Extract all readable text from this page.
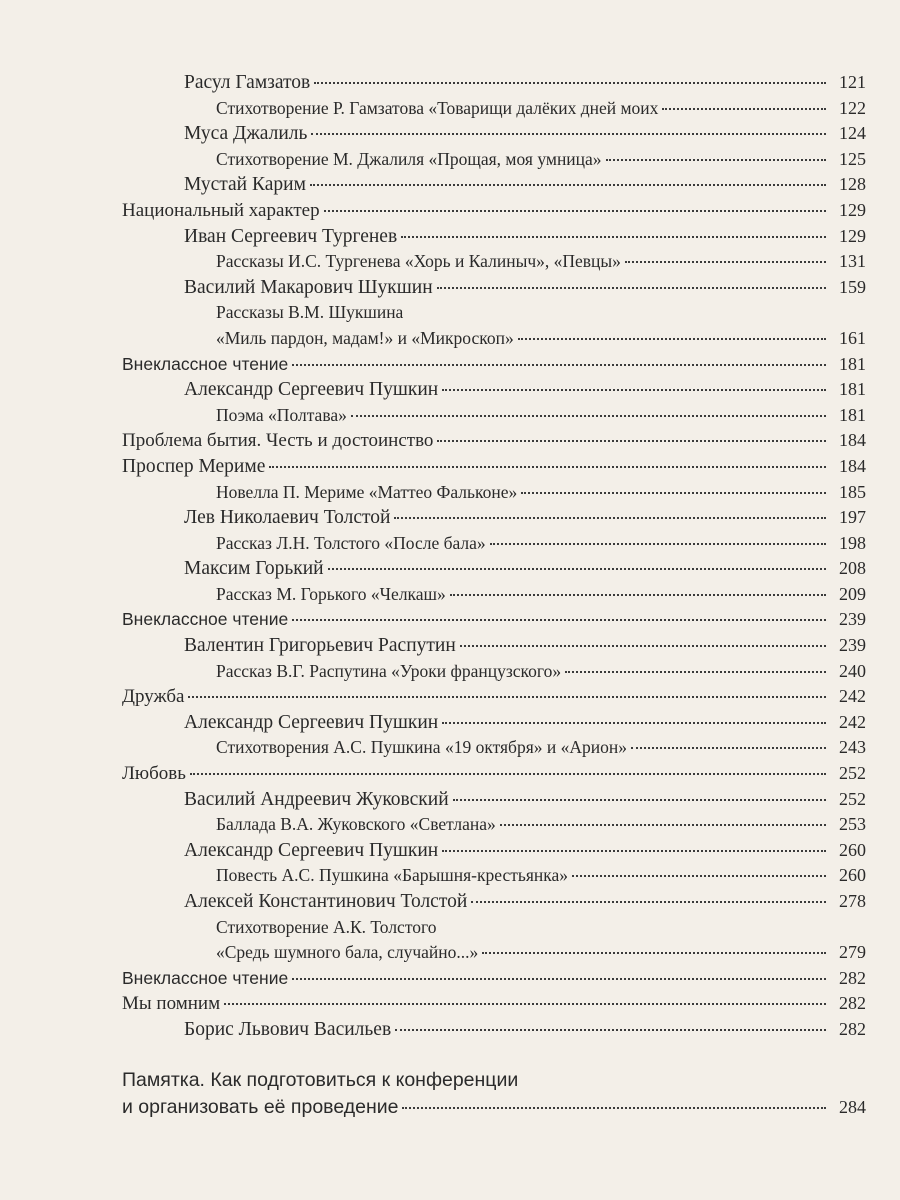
Расул Гамзатов	121
Стихотворение Р. Гамзатова «Товарищи далёких дней моих	122
Муса Джалиль	124
Стихотворение М. Джалиля «Прощая, моя умница»	125
Мустай Карим	128
Национальный характер	129
Иван Сергеевич Тургенев	129
Рассказы И.С. Тургенева «Хорь и Калиныч», «Певцы»	131
Василий Макарович Шукшин	159
Рассказы В.М. Шукшина
«Миль пардон, мадам!» и «Микроскоп»	161
Внеклассное чтение	181
Александр Сергеевич Пушкин	181
Поэма «Полтава»	181
Проблема бытия. Честь и достоинство	184
Проспер Мериме	184
Новелла П. Мериме «Маттео Фальконе»	185
Лев Николаевич Толстой	197
Рассказ Л.Н. Толстого «После бала»	198
Максим Горький	208
Рассказ М. Горького «Челкаш»	209
Внеклассное чтение	239
Валентин Григорьевич Распутин	239
Рассказ В.Г. Распутина «Уроки французского»	240
Дружба	242
Александр Сергеевич Пушкин	242
Стихотворения А.С. Пушкина «19 октября» и «Арион»	243
Любовь	252
Василий Андреевич Жуковский	252
Баллада В.А. Жуковского «Светлана»	253
Александр Сергеевич Пушкин	260
Повесть А.С. Пушкина «Барышня-крестьянка»	260
Алексей Константинович Толстой	278
Стихотворение А.К. Толстого
«Средь шумного бала, случайно...»	279
Внеклассное чтение	282
Мы помним	282
Борис Львович Васильев	282
Памятка. Как подготовиться к конференции
и организовать её проведение	284
